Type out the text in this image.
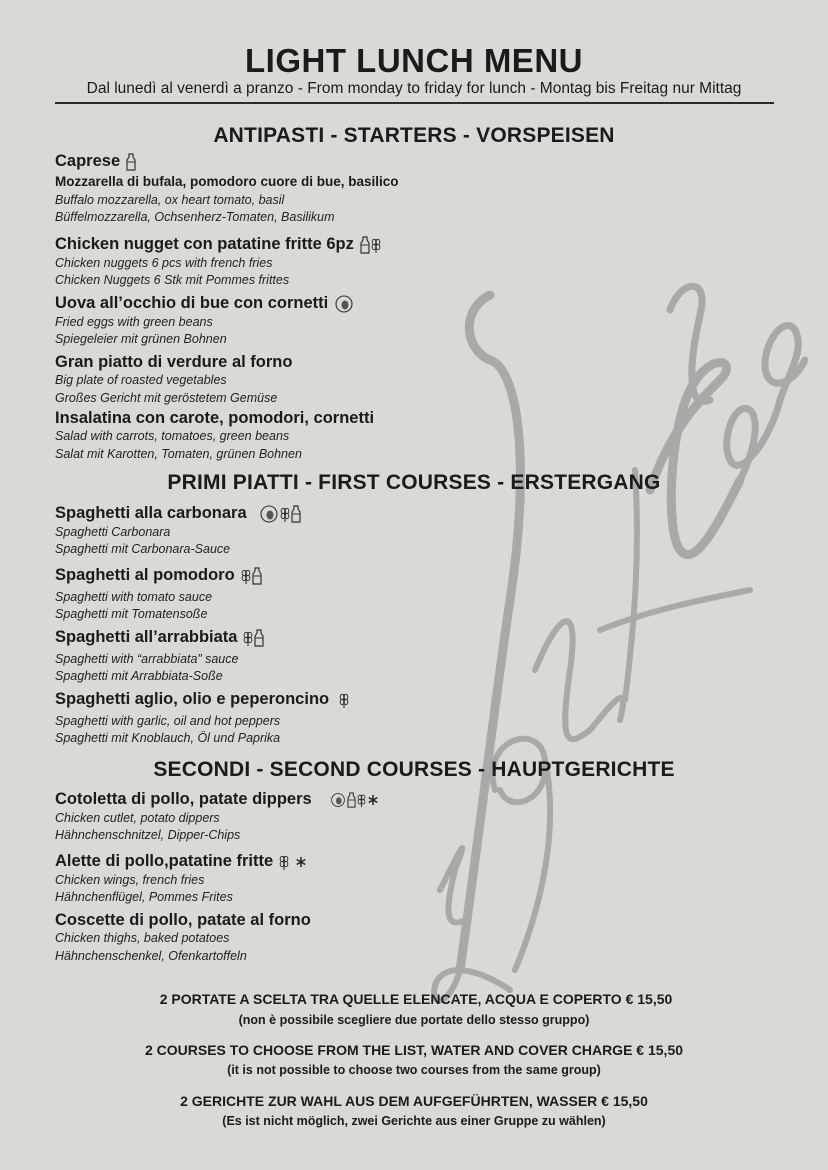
LIGHT LUNCH MENU
Dal lunedì al venerdì a pranzo - From monday to friday for lunch - Montag bis Freitag nur Mittag
ANTIPASTI - STARTERS - VORSPEISEN
Caprese
Mozzarella di bufala, pomodoro cuore di bue, basilico
Buffalo mozzarella, ox heart tomato, basil
Büffelmozzarella, Ochsenherz-Tomaten, Basilikum
Chicken nugget con patatine fritte 6pz
Chicken nuggets 6 pcs with french fries
Chicken Nuggets 6 Stk mit Pommes frittes
Uova all’occhio di bue con cornetti
Fried eggs with green beans
Spiegeleier mit grünen Bohnen
Gran piatto di verdure al forno
Big plate of roasted vegetables
Großes Gericht mit geröstetem Gemüse
Insalatina con carote, pomodori, cornetti
Salad with carrots, tomatoes, green beans
Salat mit Karotten, Tomaten, grünen Bohnen
PRIMI PIATTI - FIRST COURSES - ERSTERGANG
Spaghetti alla carbonara
Spaghetti Carbonara
Spaghetti mit Carbonara-Sauce
Spaghetti al pomodoro
Spaghetti with tomato sauce
Spaghetti mit Tomatensoße
Spaghetti all’arrabbiata
Spaghetti with “arrabbiata” sauce
Spaghetti mit Arrabbiata-Soße
Spaghetti aglio, olio e peperoncino
Spaghetti with garlic, oil and hot peppers
Spaghetti mit Knoblauch, Öl und Paprika
SECONDI - SECOND COURSES - HAUPTGERICHTE
Cotoletta di pollo, patate dippers
Chicken cutlet, potato dippers
Hähnchenschnitzel, Dipper-Chips
Alette di pollo,patatine fritte
Chicken wings, french fries
Hähnchenflügel, Pommes Frites
Coscette di pollo, patate al forno
Chicken thighs, baked potatoes
Hähnchenschenkel, Ofenkartoffeln
2 PORTATE A SCELTA TRA QUELLE ELENCATE, ACQUA E COPERTO € 15,50
(non è possibile scegliere due portate dello stesso gruppo)
2 COURSES TO CHOOSE FROM THE LIST, WATER AND COVER CHARGE € 15,50
(it is not possible to choose two courses from the same group)
2 GERICHTE ZUR WAHL AUS DEM AUFGEFÜHRTEN, WASSER € 15,50
(Es ist nicht möglich, zwei Gerichte aus einer Gruppe zu wählen)
